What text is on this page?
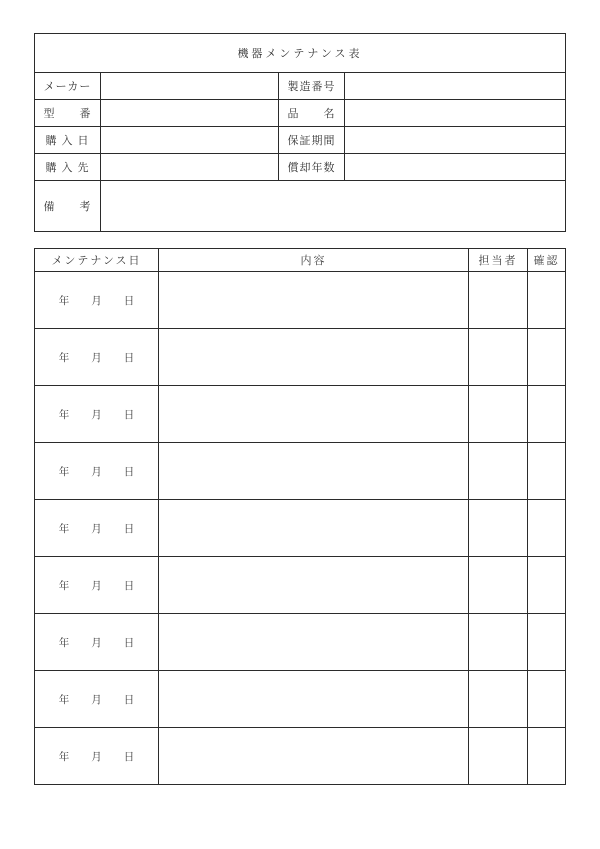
機器メンテナンス表			
メーカー		製造番号	
型　　番		品　　名	
購 入 日		保証期間	
購 入 先		償却年数	
備　　考			
メンテナンス日	内容	担当者	確認
年 月 日			
年 月 日			
年 月 日			
年 月 日			
年 月 日			
年 月 日			
年 月 日			
年 月 日			
年 月 日			
